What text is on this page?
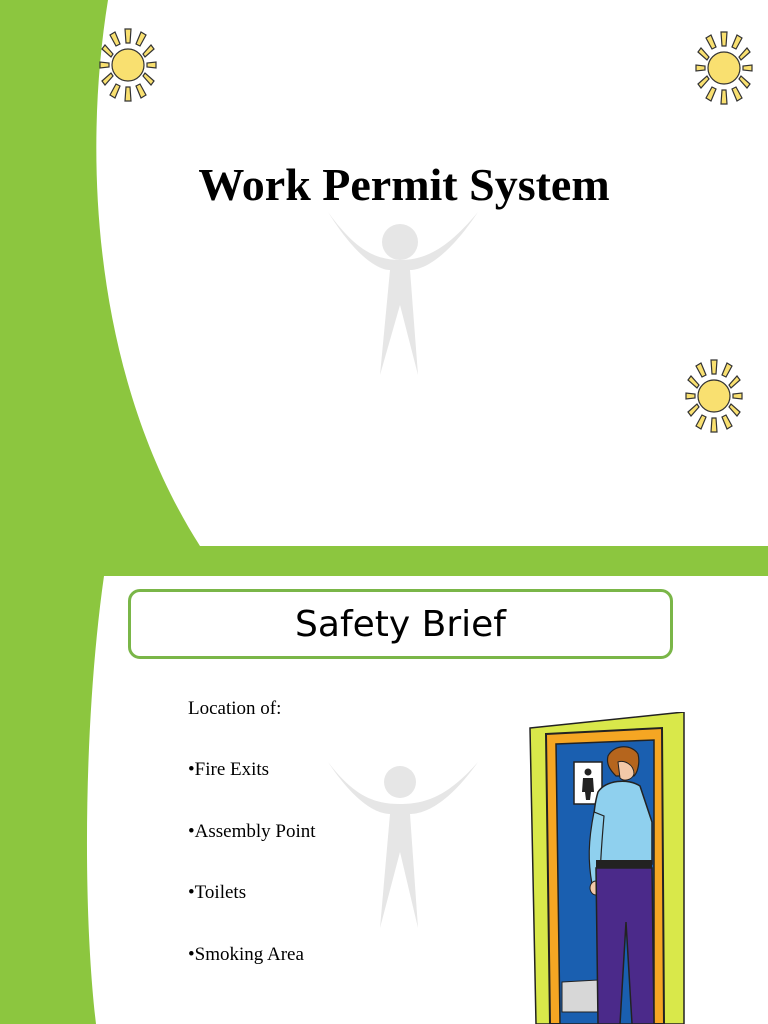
Work Permit System
Safety Brief
Location of:
•Fire Exits
•Assembly Point
•Toilets
•Smoking Area
